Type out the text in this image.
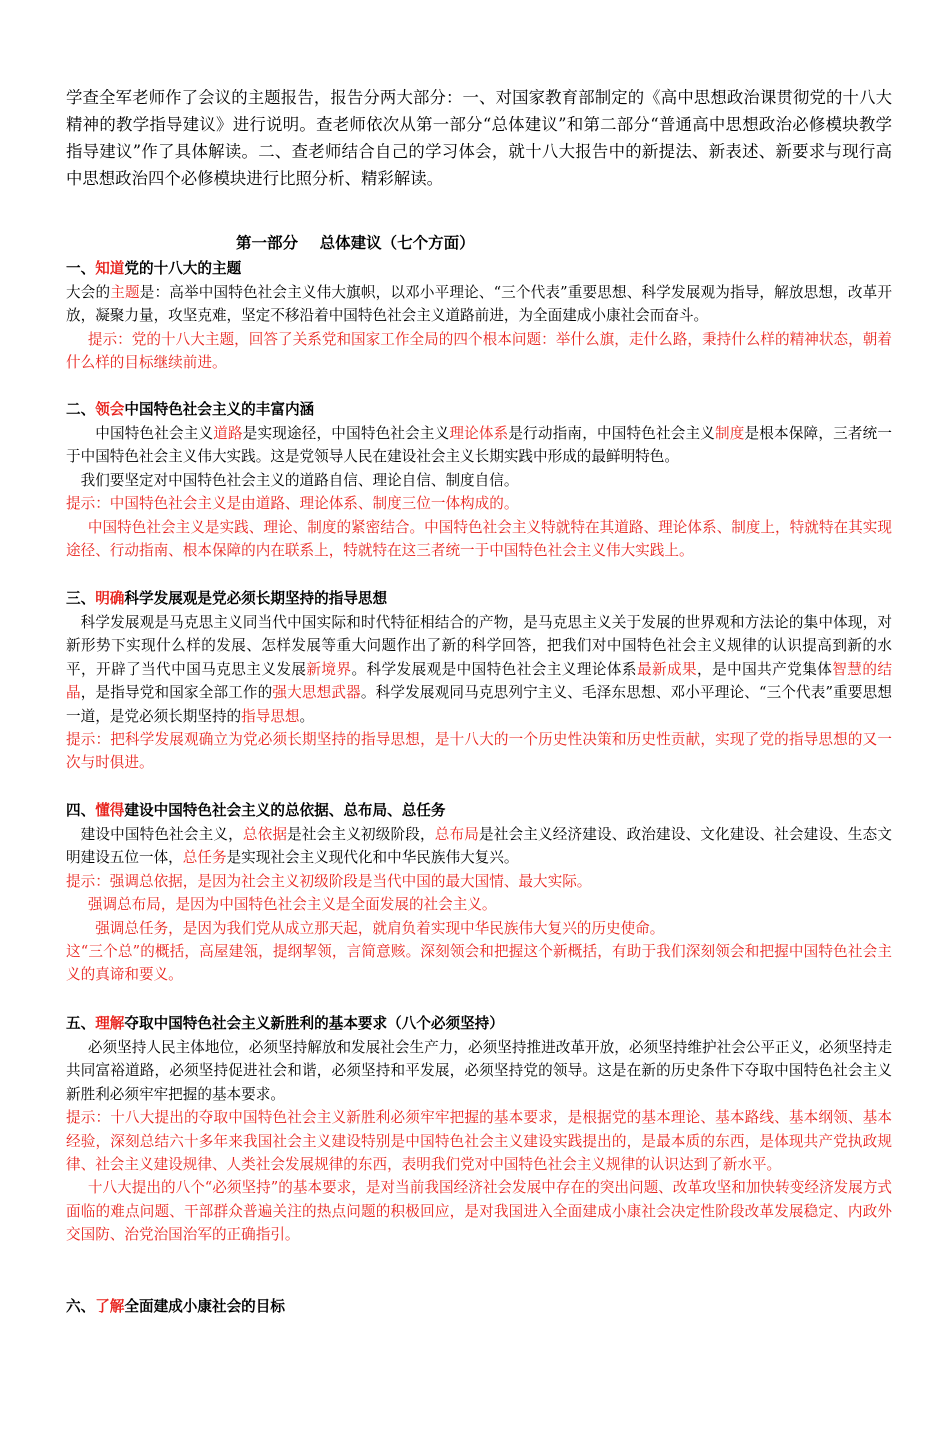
学查全军老师作了会议的主题报告，报告分两大部分：一、对国家教育部制定的《高中思想政治课贯彻党的十八大精神的教学指导建议》进行说明。查老师依次从第一部分“总体建议”和第二部分“普通高中思想政治必修模块教学指导建议”作了具体解读。二、查老师结合自己的学习体会，就十八大报告中的新提法、新表述、新要求与现行高中思想政治四个必修模块进行比照分析、精彩解读。

第一部分    总体建议（七个方面）

一、知道党的十八大的主题

大会的主题是：高举中国特色社会主义伟大旗帜，以邓小平理论、“三个代表”重要思想、科学发展观为指导，解放思想，改革开放，凝聚力量，攻坚克难，坚定不移沿着中国特色社会主义道路前进，为全面建成小康社会而奋斗。

提示：党的十八大主题，回答了关系党和国家工作全局的四个根本问题：举什么旗，走什么路，秉持什么样的精神状态，朝着什么样的目标继续前进。

二、领会中国特色社会主义的丰富内涵

中国特色社会主义道路是实现途径，中国特色社会主义理论体系是行动指南，中国特色社会主义制度是根本保障，三者统一于中国特色社会主义伟大实践。这是党领导人民在建设社会主义长期实践中形成的最鲜明特色。

我们要坚定对中国特色社会主义的道路自信、理论自信、制度自信。

提示：中国特色社会主义是由道路、理论体系、制度三位一体构成的。

中国特色社会主义是实践、理论、制度的紧密结合。中国特色社会主义特就特在其道路、理论体系、制度上，特就特在其实现途径、行动指南、根本保障的内在联系上，特就特在这三者统一于中国特色社会主义伟大实践上。

三、明确科学发展观是党必须长期坚持的指导思想

科学发展观是马克思主义同当代中国实际和时代特征相结合的产物，是马克思主义关于发展的世界观和方法论的集中体现，对新形势下实现什么样的发展、怎样发展等重大问题作出了新的科学回答，把我们对中国特色社会主义规律的认识提高到新的水平，开辟了当代中国马克思主义发展新境界。科学发展观是中国特色社会主义理论体系最新成果，是中国共产党集体智慧的结晶，是指导党和国家全部工作的强大思想武器。科学发展观同马克思列宁主义、毛泽东思想、邓小平理论、“三个代表”重要思想一道，是党必须长期坚持的指导思想。

提示：把科学发展观确立为党必须长期坚持的指导思想，是十八大的一个历史性决策和历史性贡献，实现了党的指导思想的又一次与时俱进。

四、懂得建设中国特色社会主义的总依据、总布局、总任务

建设中国特色社会主义，总依据是社会主义初级阶段，总布局是社会主义经济建设、政治建设、文化建设、社会建设、生态文明建设五位一体，总任务是实现社会主义现代化和中华民族伟大复兴。

提示：强调总依据，是因为社会主义初级阶段是当代中国的最大国情、最大实际。

强调总布局，是因为中国特色社会主义是全面发展的社会主义。

强调总任务，是因为我们党从成立那天起，就肩负着实现中华民族伟大复兴的历史使命。

这“三个总”的概括，高屋建瓴，提纲挈领，言简意赅。深刻领会和把握这个新概括，有助于我们深刻领会和把握中国特色社会主义的真谛和要义。

五、理解夺取中国特色社会主义新胜利的基本要求（八个必须坚持）

必须坚持人民主体地位，必须坚持解放和发展社会生产力，必须坚持推进改革开放，必须坚持维护社会公平正义，必须坚持走共同富裕道路，必须坚持促进社会和谐，必须坚持和平发展，必须坚持党的领导。这是在新的历史条件下夺取中国特色社会主义新胜利必须牢牢把握的基本要求。

提示：十八大提出的夺取中国特色社会主义新胜利必须牢牢把握的基本要求，是根据党的基本理论、基本路线、基本纲领、基本经验，深刻总结六十多年来我国社会主义建设特别是中国特色社会主义建设实践提出的，是最本质的东西，是体现共产党执政规律、社会主义建设规律、人类社会发展规律的东西，表明我们党对中国特色社会主义规律的认识达到了新水平。

十八大提出的八个“必须坚持”的基本要求，是对当前我国经济社会发展中存在的突出问题、改革攻坚和加快转变经济发展方式面临的难点问题、干部群众普遍关注的热点问题的积极回应，是对我国进入全面建成小康社会决定性阶段改革发展稳定、内政外交国防、治党治国治军的正确指引。

六、了解全面建成小康社会的目标
